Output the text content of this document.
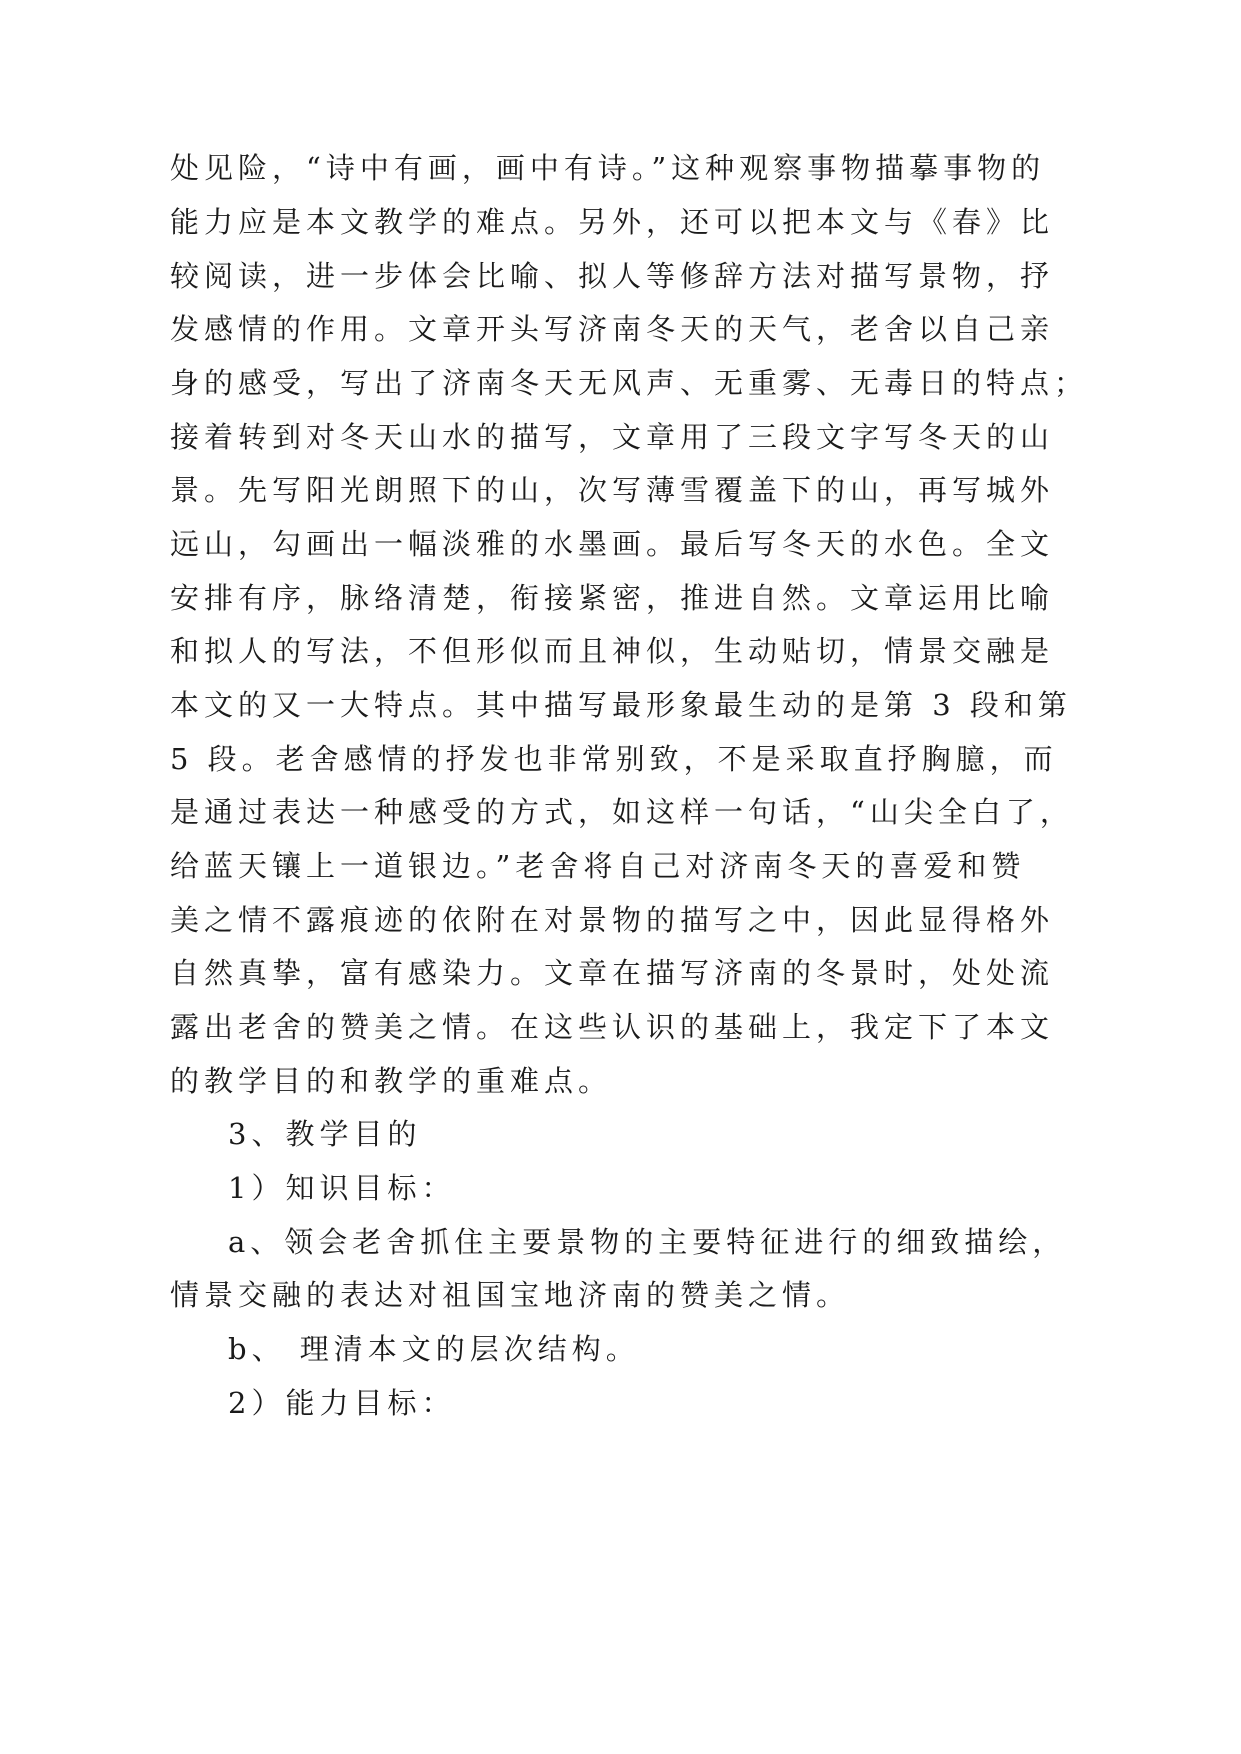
处见险，“诗中有画，画中有诗。”这种观察事物描摹事物的
能力应是本文教学的难点。另外，还可以把本文与《春》比
较阅读，进一步体会比喻、拟人等修辞方法对描写景物，抒
发感情的作用。文章开头写济南冬天的天气，老舍以自己亲
身的感受，写出了济南冬天无风声、无重雾、无毒日的特点；
接着转到对冬天山水的描写，文章用了三段文字写冬天的山
景。先写阳光朗照下的山，次写薄雪覆盖下的山，再写城外
远山，勾画出一幅淡雅的水墨画。最后写冬天的水色。全文
安排有序，脉络清楚，衔接紧密，推进自然。文章运用比喻
和拟人的写法，不但形似而且神似，生动贴切，情景交融是
本文的又一大特点。其中描写最形象最生动的是第 3 段和第
5 段。老舍感情的抒发也非常别致，不是采取直抒胸臆，而
是通过表达一种感受的方式，如这样一句话，“山尖全白了，
给蓝天镶上一道银边。”老舍将自己对济南冬天的喜爱和赞
美之情不露痕迹的依附在对景物的描写之中，因此显得格外
自然真挚，富有感染力。文章在描写济南的冬景时，处处流
露出老舍的赞美之情。在这些认识的基础上，我定下了本文
的教学目的和教学的重难点。
3、教学目的
1）知识目标：
a、领会老舍抓住主要景物的主要特征进行的细致描绘，
情景交融的表达对祖国宝地济南的赞美之情。
b、 理清本文的层次结构。
2）能力目标：
